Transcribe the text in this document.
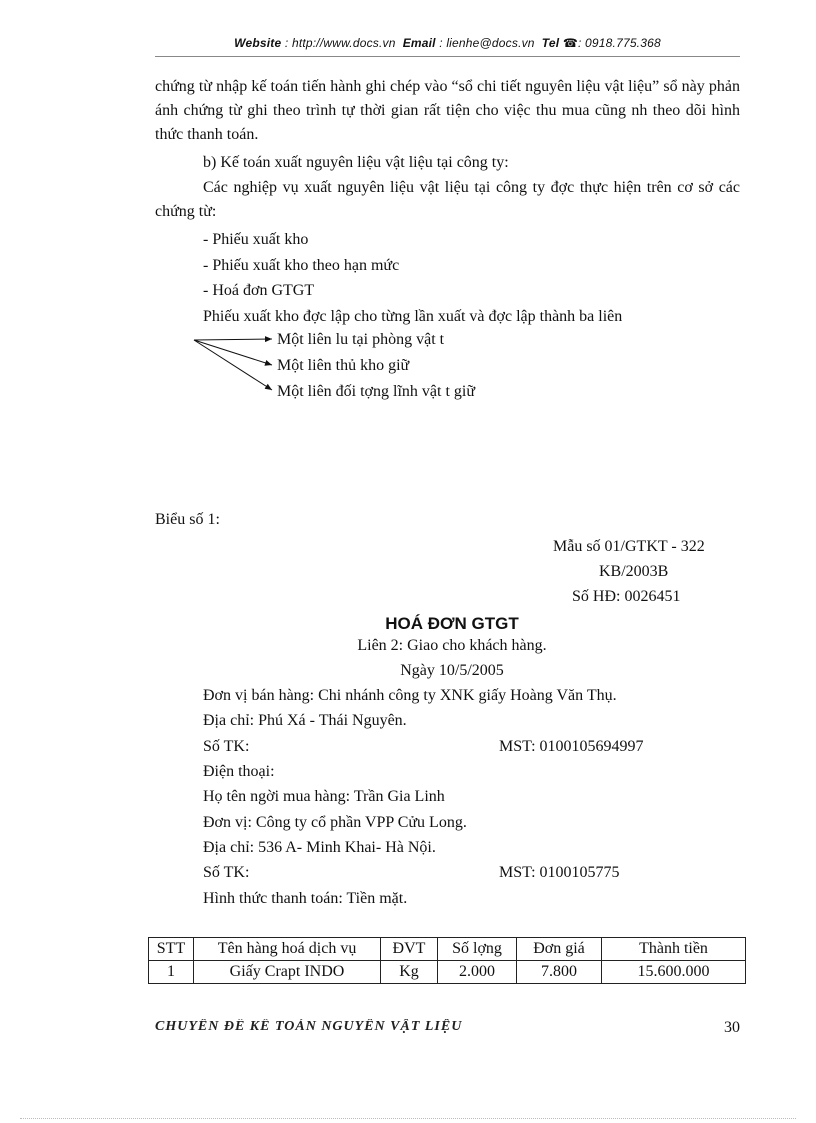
Website : http://www.docs.vn Email : lienhe@docs.vn Tel ☎: 0918.775.368
chứng từ nhập kế toán tiến hành ghi chép vào “sổ chi tiết nguyên liệu vật liệu” sổ này phản ánh chứng từ ghi theo trình tự thời gian rất tiện cho việc thu mua cũng nh theo dõi hình thức thanh toán.
b) Kế toán xuất nguyên liệu vật liệu tại công ty:
Các nghiệp vụ xuất nguyên liệu vật liệu tại công ty đợc thực hiện trên cơ sở các chứng từ:
- Phiếu xuất kho
- Phiếu xuất kho theo hạn mức
- Hoá đơn GTGT
Phiếu xuất kho đợc lập cho từng lần xuất và đợc lập thành ba liên
Một liên lu tại phòng vật t
Một liên thủ kho giữ
Một liên đối tợng lĩnh vật t giữ
Biểu số 1:
Mẫu số 01/GTKT - 322
KB/2003B
Số HĐ: 0026451
HOÁ ĐƠN GTGT
Liên 2: Giao cho khách hàng.
Ngày 10/5/2005
Đơn vị bán hàng: Chi nhánh công ty XNK giấy Hoàng Văn Thụ.
Địa chỉ: Phú Xá - Thái Nguyên.
Số TK:	MST: 0100105694997
Điện thoại:
Họ tên ngời mua hàng: Trần Gia Linh
Đơn vị: Công ty cổ phần VPP Cửu Long.
Địa chỉ: 536 A- Minh Khai- Hà Nội.
Số TK:	MST: 0100105775
Hình thức thanh toán: Tiền mặt.
STT	Tên hàng hoá dịch vụ	ĐVT	Số lợng	Đơn giá	Thành tiền
1	Giấy Crapt INDO	Kg	2.000	7.800	15.600.000
CHUYÊN ĐỀ KẾ TOÁN NGUYÊN VẬT LIỆU	30
